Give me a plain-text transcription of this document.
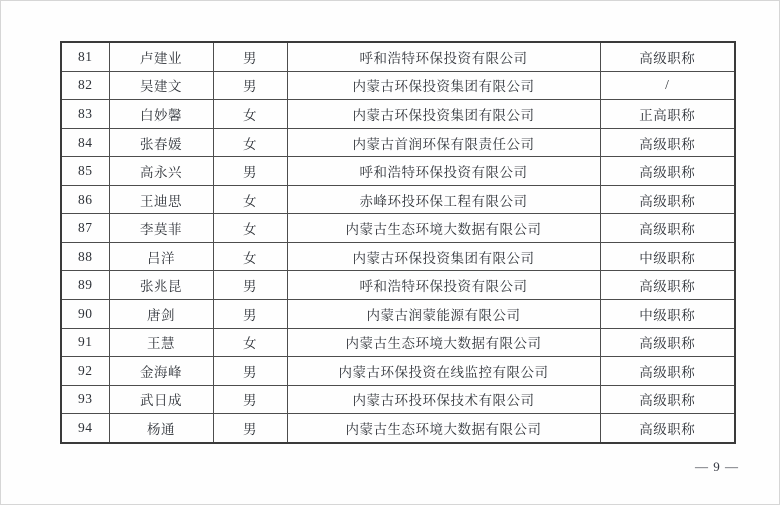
81	卢建业	男	呼和浩特环保投资有限公司	高级职称
82	吴建文	男	内蒙古环保投资集团有限公司	/
83	白妙馨	女	内蒙古环保投资集团有限公司	正高职称
84	张春媛	女	内蒙古首润环保有限责任公司	高级职称
85	高永兴	男	呼和浩特环保投资有限公司	高级职称
86	王迪思	女	赤峰环投环保工程有限公司	高级职称
87	李莫菲	女	内蒙古生态环境大数据有限公司	高级职称
88	吕洋	女	内蒙古环保投资集团有限公司	中级职称
89	张兆昆	男	呼和浩特环保投资有限公司	高级职称
90	唐剑	男	内蒙古润蒙能源有限公司	中级职称
91	王慧	女	内蒙古生态环境大数据有限公司	高级职称
92	金海峰	男	内蒙古环保投资在线监控有限公司	高级职称
93	武日成	男	内蒙古环投环保技术有限公司	高级职称
94	杨通	男	内蒙古生态环境大数据有限公司	高级职称
— 9 —
